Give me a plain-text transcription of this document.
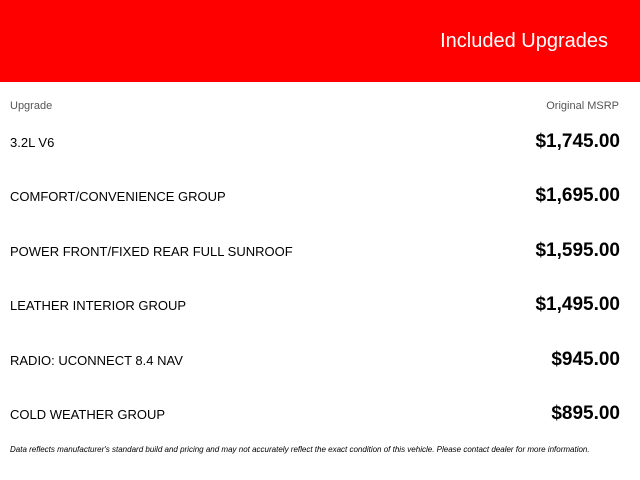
Included Upgrades
Upgrade	Original MSRP
3.2L V6	$1,745.00
COMFORT/CONVENIENCE GROUP	$1,695.00
POWER FRONT/FIXED REAR FULL SUNROOF	$1,595.00
LEATHER INTERIOR GROUP	$1,495.00
RADIO: UCONNECT 8.4 NAV	$945.00
COLD WEATHER GROUP	$895.00
Data reflects manufacturer's standard build and pricing and may not accurately reflect the exact condition of this vehicle. Please contact dealer for more information.
